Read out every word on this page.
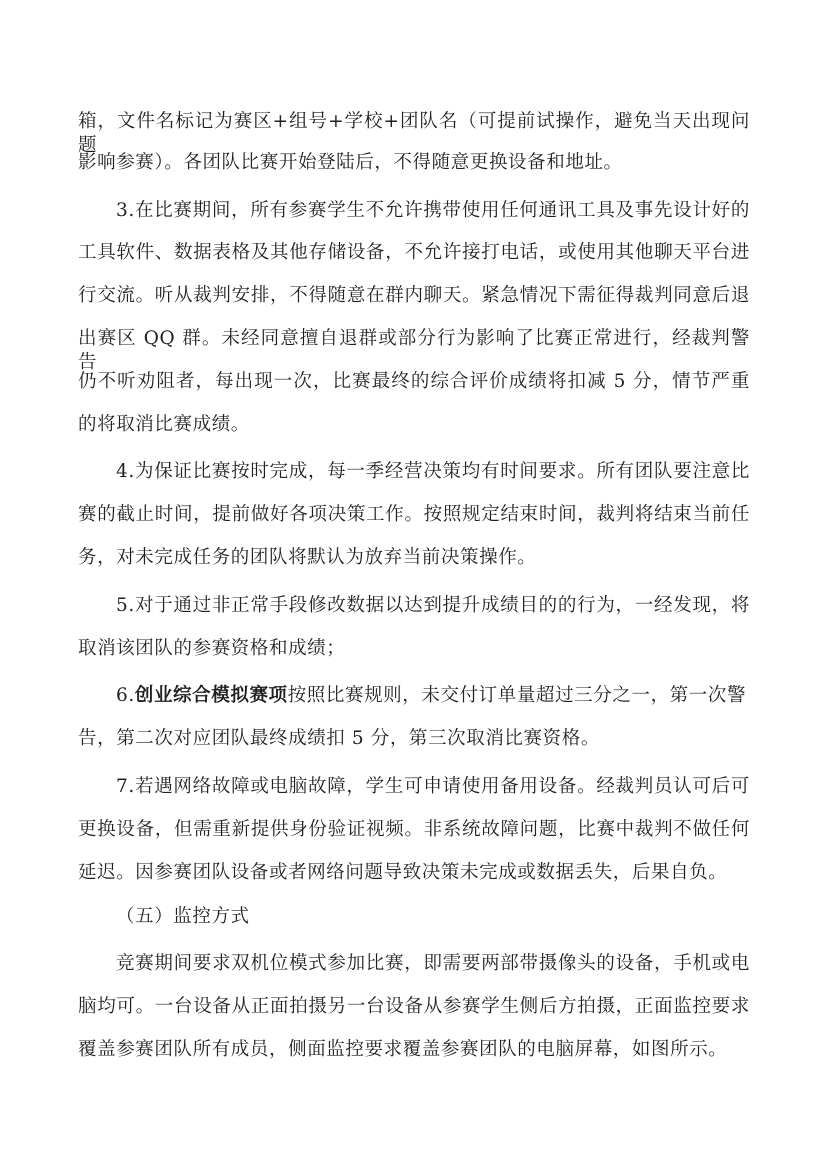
箱，文件名标记为赛区+组号+学校+团队名（可提前试操作，避免当天出现问题
影响参赛）。各团队比赛开始登陆后，不得随意更换设备和地址。
3.在比赛期间，所有参赛学生不允许携带使用任何通讯工具及事先设计好的
工具软件、数据表格及其他存储设备，不允许接打电话，或使用其他聊天平台进
行交流。听从裁判安排，不得随意在群内聊天。紧急情况下需征得裁判同意后退
出赛区 QQ 群。未经同意擅自退群或部分行为影响了比赛正常进行，经裁判警告
仍不听劝阻者，每出现一次，比赛最终的综合评价成绩将扣减 5 分，情节严重
的将取消比赛成绩。
4.为保证比赛按时完成，每一季经营决策均有时间要求。所有团队要注意比
赛的截止时间，提前做好各项决策工作。按照规定结束时间，裁判将结束当前任
务，对未完成任务的团队将默认为放弃当前决策操作。
5.对于通过非正常手段修改数据以达到提升成绩目的的行为，一经发现，将
取消该团队的参赛资格和成绩；
6.创业综合模拟赛项按照比赛规则，未交付订单量超过三分之一，第一次警
告，第二次对应团队最终成绩扣 5 分，第三次取消比赛资格。
7.若遇网络故障或电脑故障，学生可申请使用备用设备。经裁判员认可后可
更换设备，但需重新提供身份验证视频。非系统故障问题，比赛中裁判不做任何
延迟。因参赛团队设备或者网络问题导致决策未完成或数据丢失，后果自负。
（五）监控方式
竞赛期间要求双机位模式参加比赛，即需要两部带摄像头的设备，手机或电
脑均可。一台设备从正面拍摄另一台设备从参赛学生侧后方拍摄，正面监控要求
覆盖参赛团队所有成员，侧面监控要求覆盖参赛团队的电脑屏幕，如图所示。
